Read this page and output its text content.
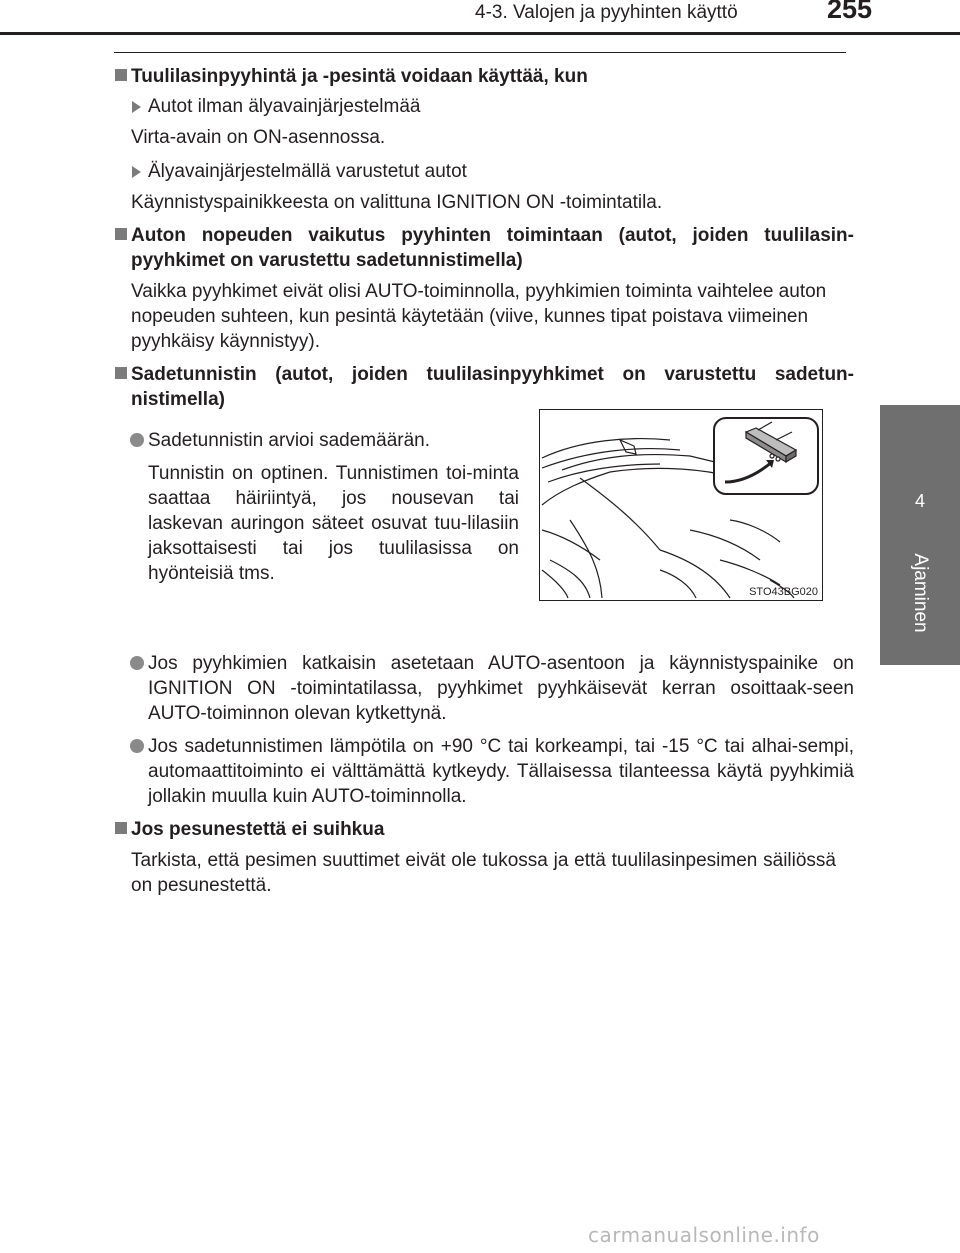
4-3. Valojen ja pyyhinten käyttö	255
4
Ajaminen

Tuulilasinpyyhintä ja -pesintä voidaan käyttää, kun

Autot ilman älyavainjärjestelmää

Virta-avain on ON-asennossa.

Älyavainjärjestelmällä varustetut autot

Käynnistyspainikkeesta on valittuna IGNITION ON -toimintatila.

Auton nopeuden vaikutus pyyhinten toimintaan (autot, joiden tuulilasin-pyyhkimet on varustettu sadetunnistimella)

Vaikka pyyhkimet eivät olisi AUTO-toiminnolla, pyyhkimien toiminta vaihtelee auton nopeuden suhteen, kun pesintä käytetään (viive, kunnes tipat poistava viimeinen pyyhkäisy käynnistyy).

Sadetunnistin (autot, joiden tuulilasinpyyhkimet on varustettu sadetun-nistimella)

Sadetunnistin arvioi sademäärän.

Tunnistin on optinen. Tunnistimen toi-minta saattaa häiriintyä, jos nousevan tai laskevan auringon säteet osuvat tuu-lilasiin jaksottaisesti tai jos tuulilasissa on hyönteisiä tms.

Jos pyyhkimien katkaisin asetetaan AUTO-asentoon ja käynnistyspainike on IGNITION ON -toimintatilassa, pyyhkimet pyyhkäisevät kerran osoittaak-seen AUTO-toiminnon olevan kytkettynä.

Jos sadetunnistimen lämpötila on +90 °C tai korkeampi, tai -15 °C tai alhai-sempi, automaattitoiminto ei välttämättä kytkeydy. Tällaisessa tilanteessa käytä pyyhkimiä jollakin muulla kuin AUTO-toiminnolla.

Jos pesunestettä ei suihkua

Tarkista, että pesimen suuttimet eivät ole tukossa ja että tuulilasinpesimen säiliössä on pesunestettä.

STO43BG020
carmanualsonline.info
